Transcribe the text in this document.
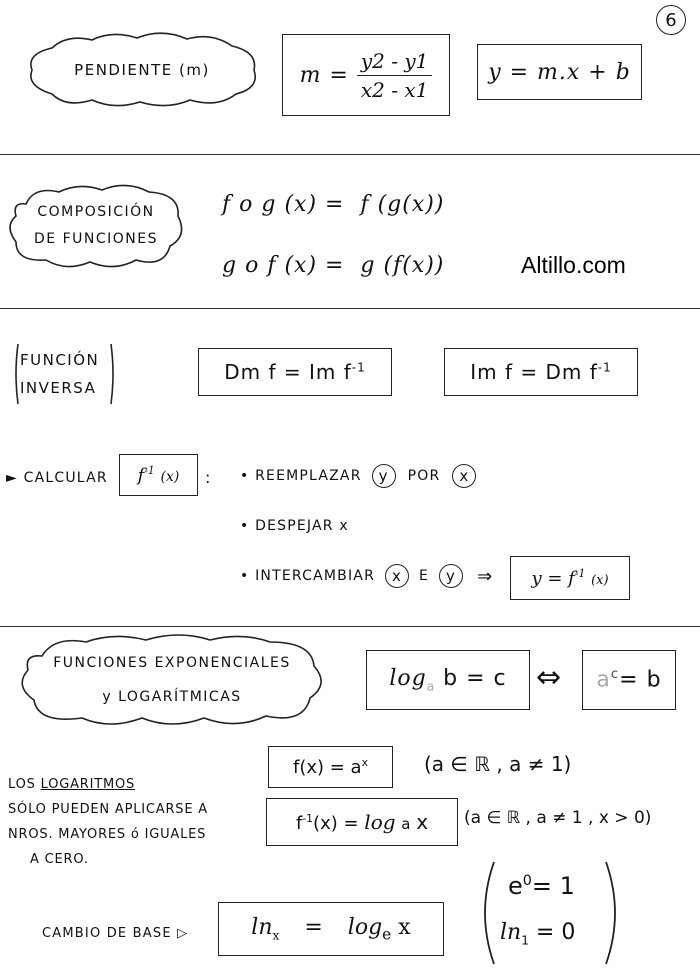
6
PENDIENTE (m)	$m = \frac{y2 - y1}{x2 - x1}$	y = m.x + b
COMPOSICIÓN
DE FUNCIONES
f o g (x) =  f (g(x))
g o f (x) =  g (f(x))	Altillo.com
FUNCIÓN
INVERSA
Dm f = Im $f^{-1}$	Im f = Dm $f^{-1}$
► CALCULAR $f^{-1}$ (x) : • REEMPLAZAR	y	POR	x
• DESPEJAR x
• INTERCAMBIAR	x	E	y	⇒ $y = f^{-1}$ (x)
FUNCIONES EXPONENCIALES
y LOGARÍTMICAS
$\log_a b = c$ ⇔ $a^c= b$
$f(x) = a^x$	(a ∈ ℝ , a ≠ 1)
$f^{-1}(x) = \log a$ x (a ∈ ℝ , a ≠ 1 , x > 0)
LOS LOGARITMOS
SÓLO PUEDEN APLICARSE A
NROS. MAYORES ó IGUALES
A CERO.
CAMBIO DE BASE ▷	$\ln_x = \log_e x$
$e^0= 1$
$\ln_1 = 0$
